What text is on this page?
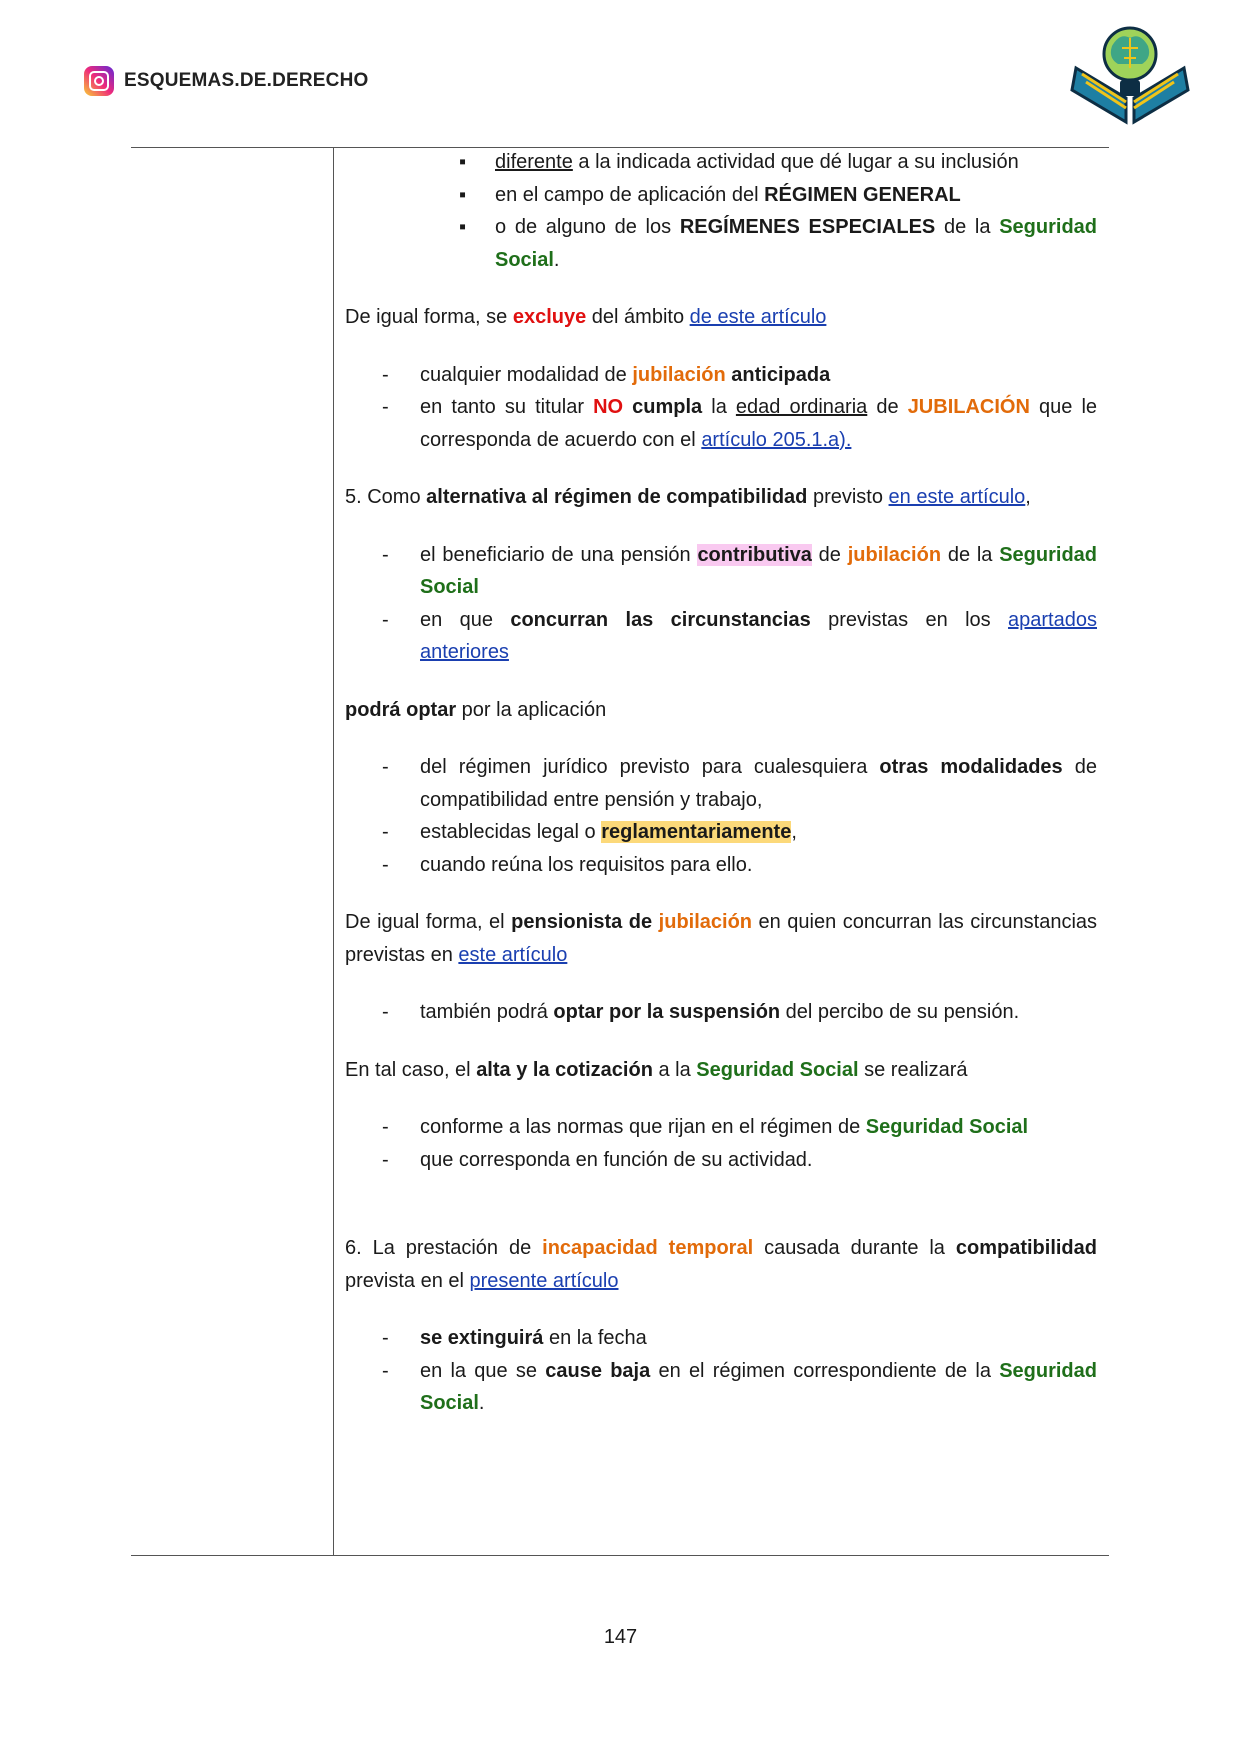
ESQUEMAS.DE.DERECHO
▪ diferente a la indicada actividad que dé lugar a su inclusión
▪ en el campo de aplicación del RÉGIMEN GENERAL
▪ o de alguno de los REGÍMENES ESPECIALES de la Seguridad Social.

De igual forma, se excluye del ámbito de este artículo

- cualquier modalidad de jubilación anticipada
- en tanto su titular NO cumpla la edad ordinaria de JUBILACIÓN que le corresponda de acuerdo con el artículo 205.1.a).

5. Como alternativa al régimen de compatibilidad previsto en este artículo,

- el beneficiario de una pensión contributiva de jubilación de la Seguridad Social
- en que concurran las circunstancias previstas en los apartados anteriores

podrá optar por la aplicación

- del régimen jurídico previsto para cualesquiera otras modalidades de compatibilidad entre pensión y trabajo,
- establecidas legal o reglamentariamente,
- cuando reúna los requisitos para ello.

De igual forma, el pensionista de jubilación en quien concurran las circunstancias previstas en este artículo

- también podrá optar por la suspensión del percibo de su pensión.

En tal caso, el alta y la cotización a la Seguridad Social se realizará

- conforme a las normas que rijan en el régimen de Seguridad Social
- que corresponda en función de su actividad.

6. La prestación de incapacidad temporal causada durante la compatibilidad prevista en el presente artículo

- se extinguirá en la fecha
- en la que se cause baja en el régimen correspondiente de la Seguridad Social.
147
